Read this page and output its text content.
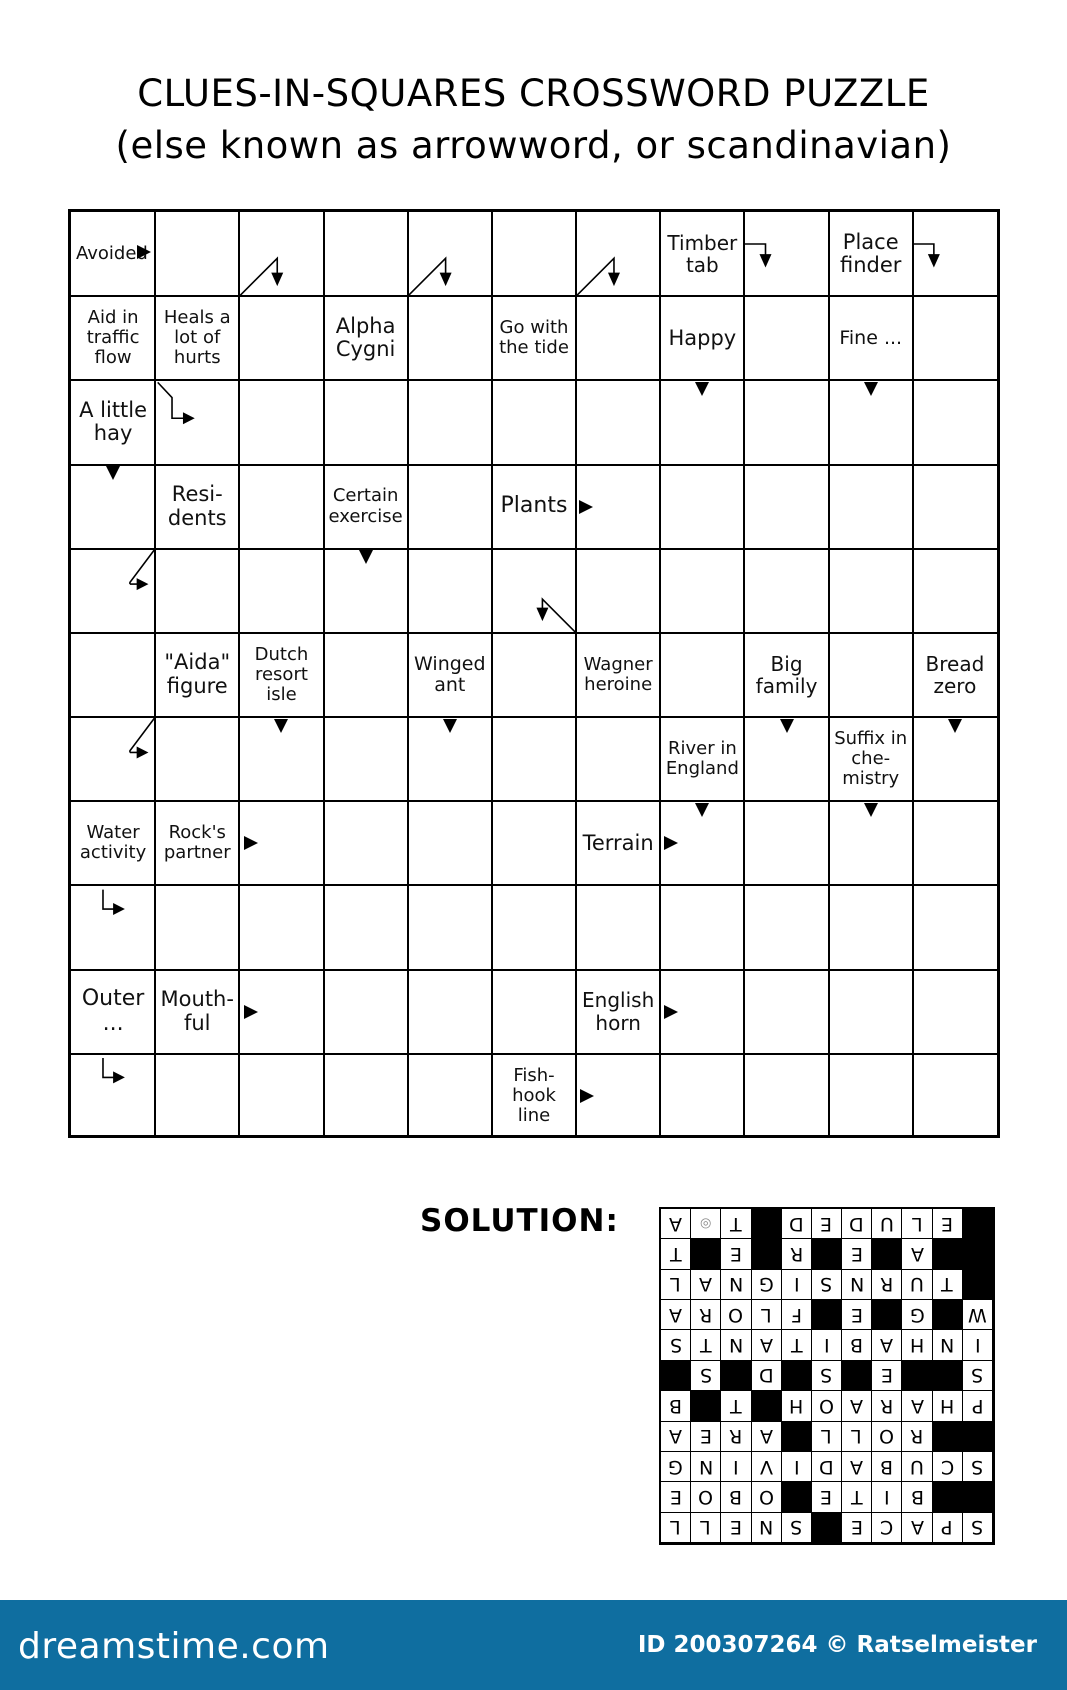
CLUES-IN-SQUARES CROSSWORD PUZZLE
(else known as arrowword, or scandinavian)
Avoided	Timber
tab
Place
finder
Aid in
traffic
flow
Heals a
lot of
hurts
Alpha
Cygni
Go with
the tide	Happy	Fine ...
A little
hay
Resi-
dents
Certain
exercise	Plants
"Aida"
figure
Dutch
resort
isle
Winged
ant
Wagner
heroine
Big
family
Bread
zero
River in
England
Suffix in
che-
mistry
Water
activity
Rock's
partner	Terrain
Outer
...
Mouth-
ful
English
horn
Fish-
hook
line
SOLUTION:
S
P
A
C
E
S
N
E
L
L
B
I
T
E
O
B
O
E
S
C
U
B
A
D
I
V
I
N
G
R
O
L
L
A
R
E
A
P
H
A
R
A
O
H
T
B
S
E
S
D
S
I
N
H
A
B
I
T
A
N
T
S
W
G
E
F
L
O
R
A
T
U
R
N
S
I
G
N
A
L
A
E
R
E
T
E
L
U
D
E
D
T
◎
A
dreamstime.com	ID 200307264 © Ratselmeister
